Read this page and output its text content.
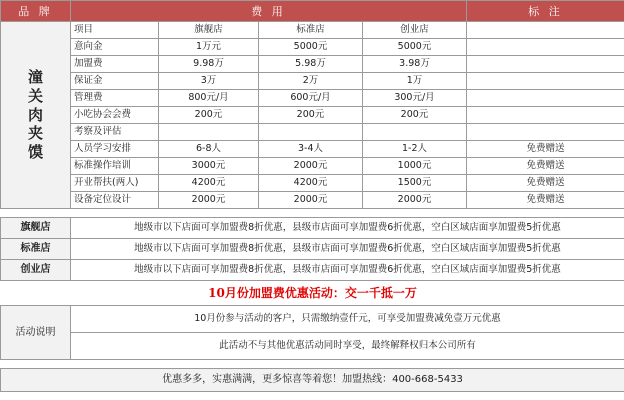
品 牌	费 用				标 注

潼
关
肉
夹
馍	项目	旗舰店	标准店	创业店	
	意向金	1万元	5000元	5000元	
	加盟费	9.98万	5.98万	3.98万	
	保证金	3万	2万	1万	
	管理费	800元/月	600元/月	300元/月	
	小吃协会会费	200元	200元	200元	
	考察及评估				
	人员学习安排	6-8人	3-4人	1-2人	免费赠送
	标准操作培训	3000元	2000元	1000元	免费赠送
	开业帮扶(两人)	4200元	4200元	1500元	免费赠送
	设备定位设计	2000元	2000元	2000元	免费赠送

旗舰店	地级市以下店面可享加盟费8折优惠，县级市店面可享加盟费6折优惠，空白区域店面享加盟费5折优惠
标准店	地级市以下店面可享加盟费8折优惠，县级市店面可享加盟费6折优惠，空白区域店面享加盟费5折优惠
创业店	地级市以下店面可享加盟费8折优惠，县级市店面可享加盟费6折优惠，空白区域店面享加盟费5折优惠
10月份加盟费优惠活动：交一千抵一万	
活动说明	10月份参与活动的客户，只需缴纳壹仟元，可享受加盟费减免壹万元优惠
	此活动不与其他优惠活动同时享受，最终解释权归本公司所有

优惠多多，实惠满满，更多惊喜等着您！加盟热线：400-668-5433	
